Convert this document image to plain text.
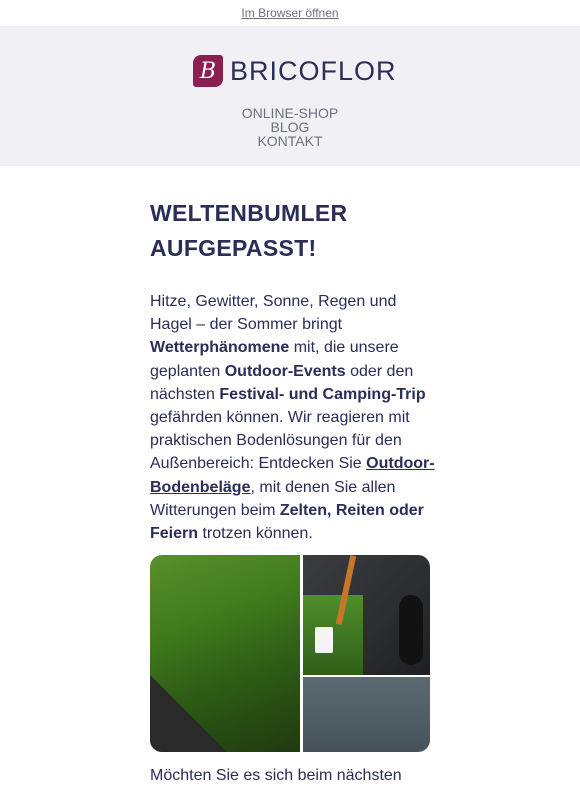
Im Browser öffnen
B BRICOFLOR
ONLINE-SHOP
BLOG
KONTAKT
WELTENBUMLER AUFGEPASST!

Hitze, Gewitter, Sonne, Regen und Hagel – der Sommer bringt Wetterphänomene mit, die unsere geplanten Outdoor-Events oder den nächsten Festival- und Camping-Trip gefährden können. Wir reagieren mit praktischen Bodenlösungen für den Außenbereich: Entdecken Sie Outdoor-Bodenbeläge, mit denen Sie allen Witterungen beim Zelten, Reiten oder Feiern trotzen können.

Möchten Sie es sich beim nächsten
